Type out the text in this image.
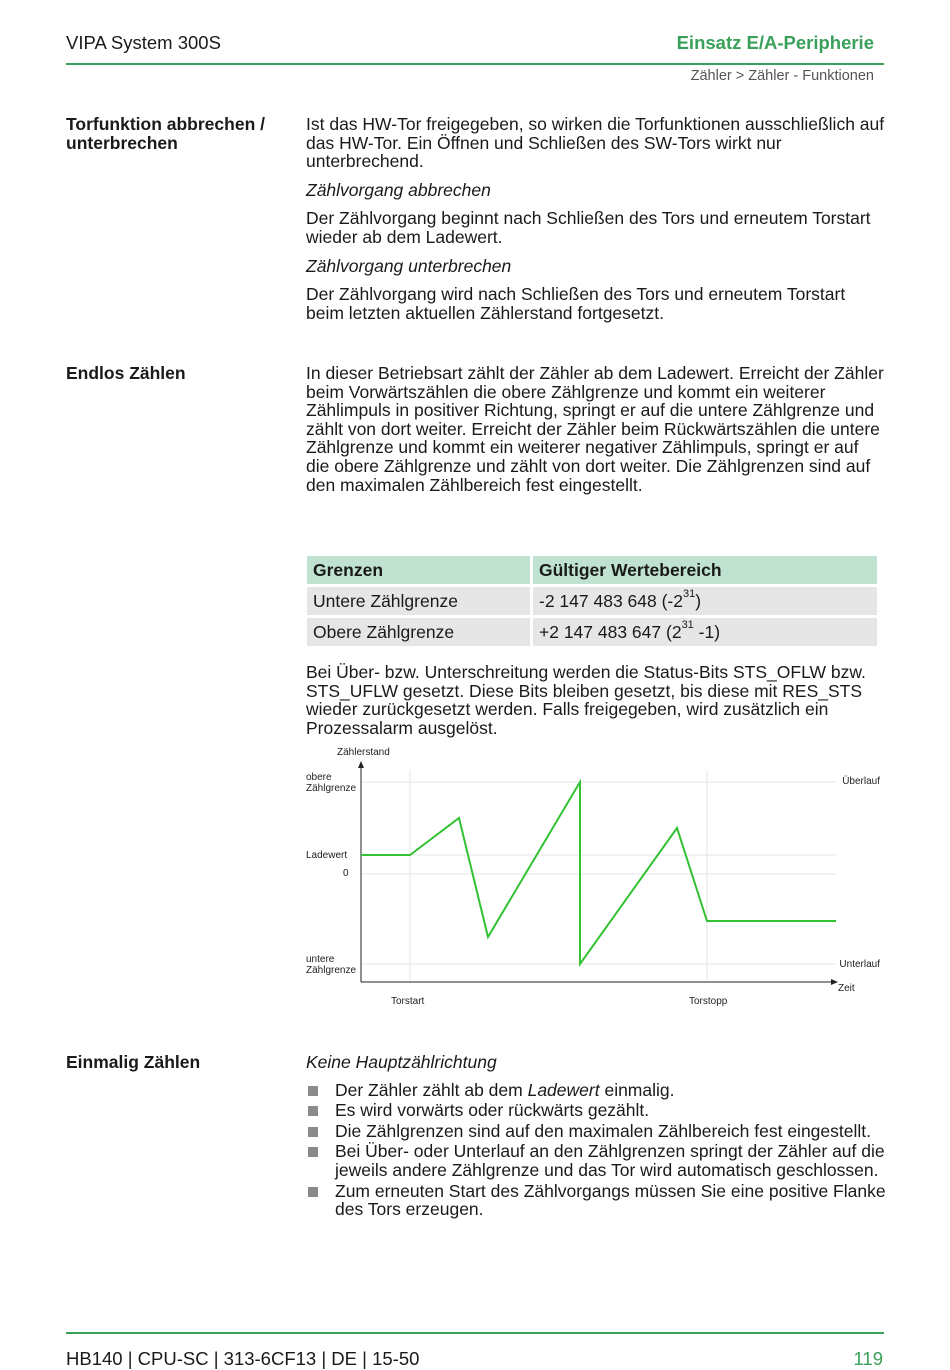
VIPA System 300S	Einsatz E/A-Peripherie
Zähler > Zähler - Funktionen
Torfunktion abbrechen / unterbrechen

Ist das HW-Tor freigegeben, so wirken die Torfunktionen ausschließlich auf das HW-Tor. Ein Öffnen und Schließen des SW-Tors wirkt nur unterbrechend.

Zählvorgang abbrechen

Der Zählvorgang beginnt nach Schließen des Tors und erneutem Torstart wieder ab dem Ladewert.

Zählvorgang unterbrechen

Der Zählvorgang wird nach Schließen des Tors und erneutem Torstart beim letzten aktuellen Zählerstand fortgesetzt.

Endlos Zählen	In dieser Betriebsart zählt der Zähler ab dem Ladewert. Erreicht der Zähler beim Vorwärtszählen die obere Zählgrenze und kommt ein weiterer Zählimpuls in positiver Richtung, springt er auf die untere Zählgrenze und zählt von dort weiter. Erreicht der Zähler beim Rückwärtszählen die untere Zählgrenze und kommt ein weiterer negativer Zählimpuls, springt er auf die obere Zählgrenze und zählt von dort weiter. Die Zählgrenzen sind auf den maximalen Zählbereich fest eingestellt.

Grenzen	Gültiger Wertebereich
Untere Zählgrenze	-2 147 483 648 $(-2^{31})$
Obere Zählgrenze	+2 147 483 647 ($2^{31}$ -1)

Bei Über- bzw. Unterschreitung werden die Status-Bits STS_OFLW bzw. STS_UFLW gesetzt. Diese Bits bleiben gesetzt, bis diese mit RES_STS wieder zurückgesetzt werden. Falls freigegeben, wird zusätzlich ein Prozessalarm ausgelöst.

Zählerstand
obere
Zählgrenze
Ladewert
0
untere
Zählgrenze
Überlauf
Unterlauf
Zeit
Torstart	Torstopp
Einmalig Zählen	Keine Hauptzählrichtung

Der Zähler zählt ab dem Ladewert einmalig.
Es wird vorwärts oder rückwärts gezählt.
Die Zählgrenzen sind auf den maximalen Zählbereich fest eingestellt.
Bei Über- oder Unterlauf an den Zählgrenzen springt der Zähler auf die jeweils andere Zählgrenze und das Tor wird automatisch geschlossen.
Zum erneuten Start des Zählvorgangs müssen Sie eine positive Flanke des Tors erzeugen.
HB140 | CPU-SC | 313-6CF13 | DE | 15-50	119
